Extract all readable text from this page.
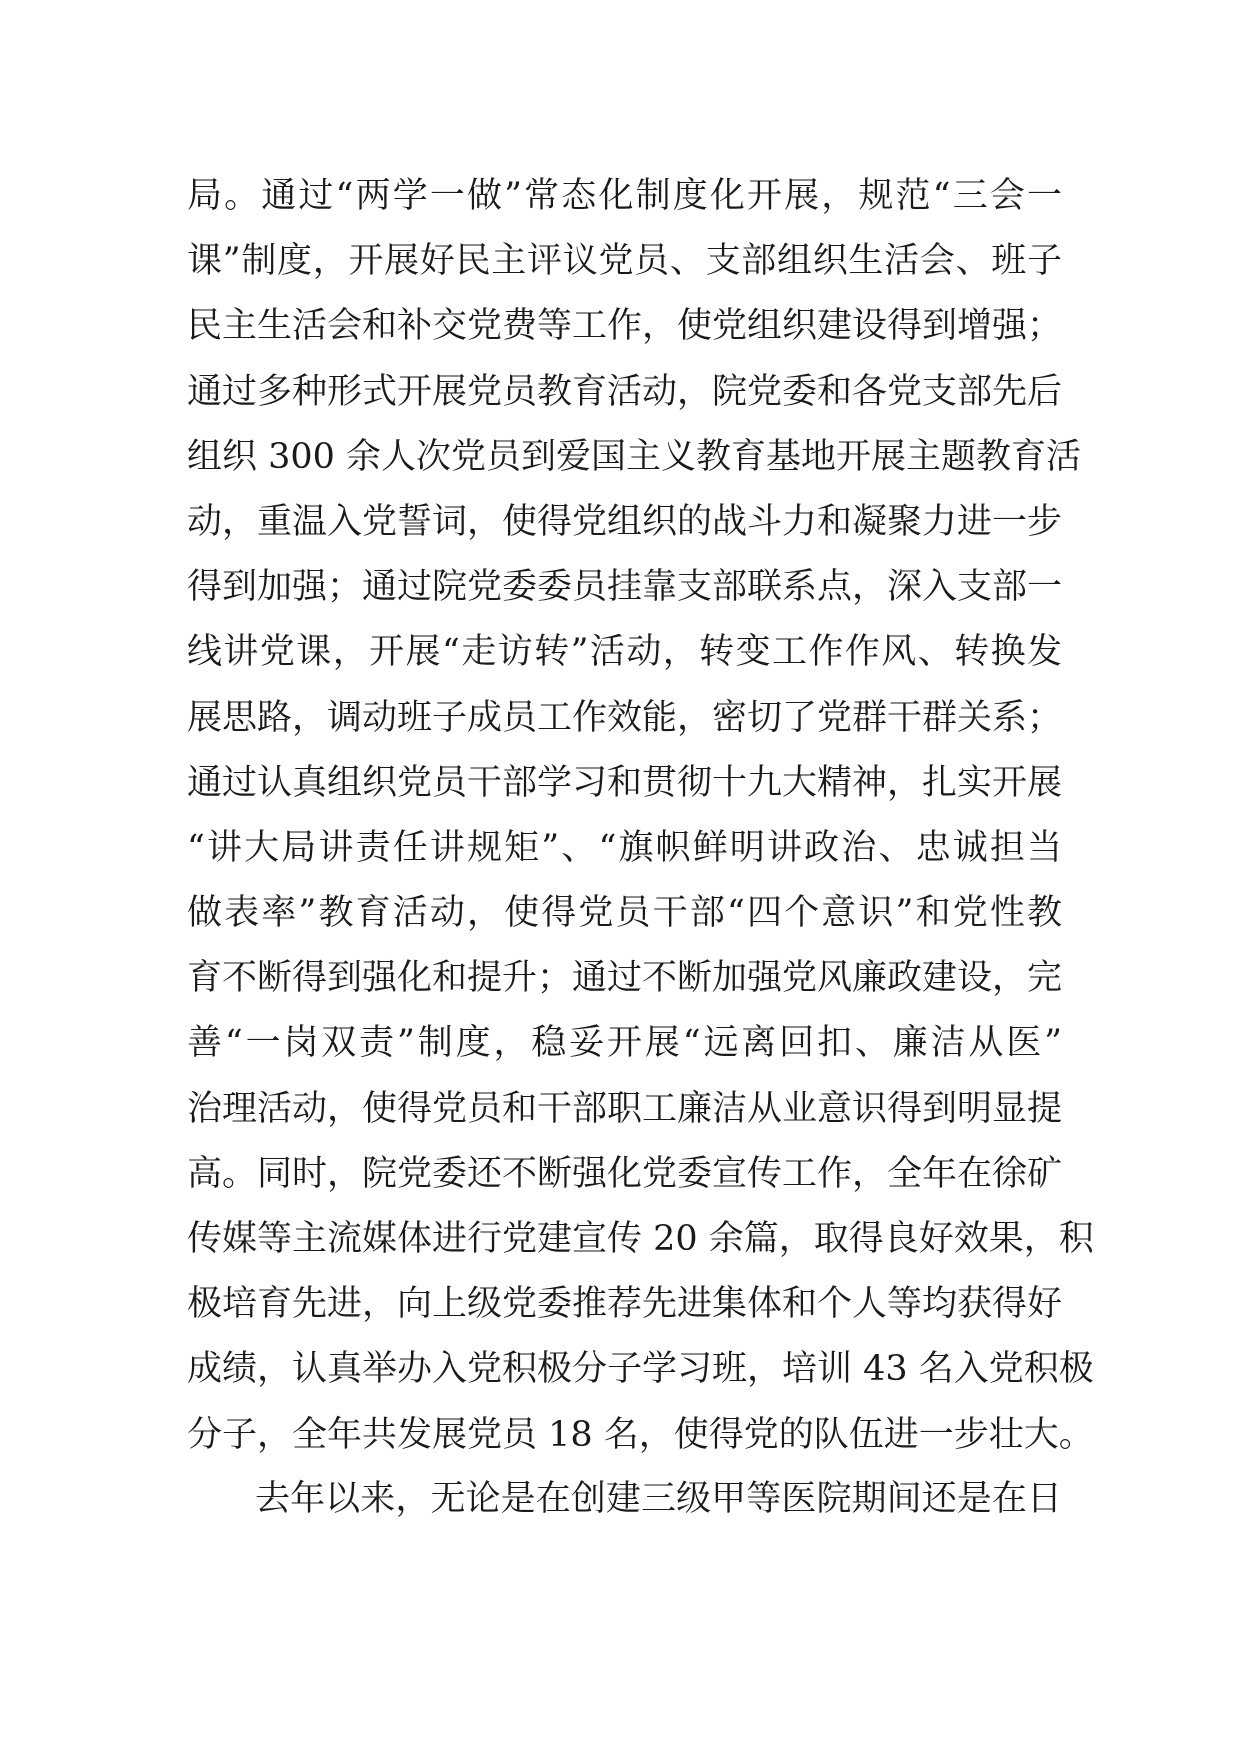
局。通过“两学一做”常态化制度化开展，规范“三会一
课”制度，开展好民主评议党员、支部组织生活会、班子
民主生活会和补交党费等工作，使党组织建设得到增强；
通过多种形式开展党员教育活动，院党委和各党支部先后
组织 300 余人次党员到爱国主义教育基地开展主题教育活
动，重温入党誓词，使得党组织的战斗力和凝聚力进一步
得到加强；通过院党委委员挂靠支部联系点，深入支部一
线讲党课，开展“走访转”活动，转变工作作风、转换发
展思路，调动班子成员工作效能，密切了党群干群关系；
通过认真组织党员干部学习和贯彻十九大精神，扎实开展
“讲大局讲责任讲规矩”、“旗帜鲜明讲政治、忠诚担当
做表率”教育活动，使得党员干部“四个意识”和党性教
育不断得到强化和提升；通过不断加强党风廉政建设，完
善“一岗双责”制度，稳妥开展“远离回扣、廉洁从医”
治理活动，使得党员和干部职工廉洁从业意识得到明显提
高。同时，院党委还不断强化党委宣传工作，全年在徐矿
传媒等主流媒体进行党建宣传 20 余篇，取得良好效果，积
极培育先进，向上级党委推荐先进集体和个人等均获得好
成绩，认真举办入党积极分子学习班，培训 43 名入党积极
分子，全年共发展党员 18 名，使得党的队伍进一步壮大。
去年以来，无论是在创建三级甲等医院期间还是在日
